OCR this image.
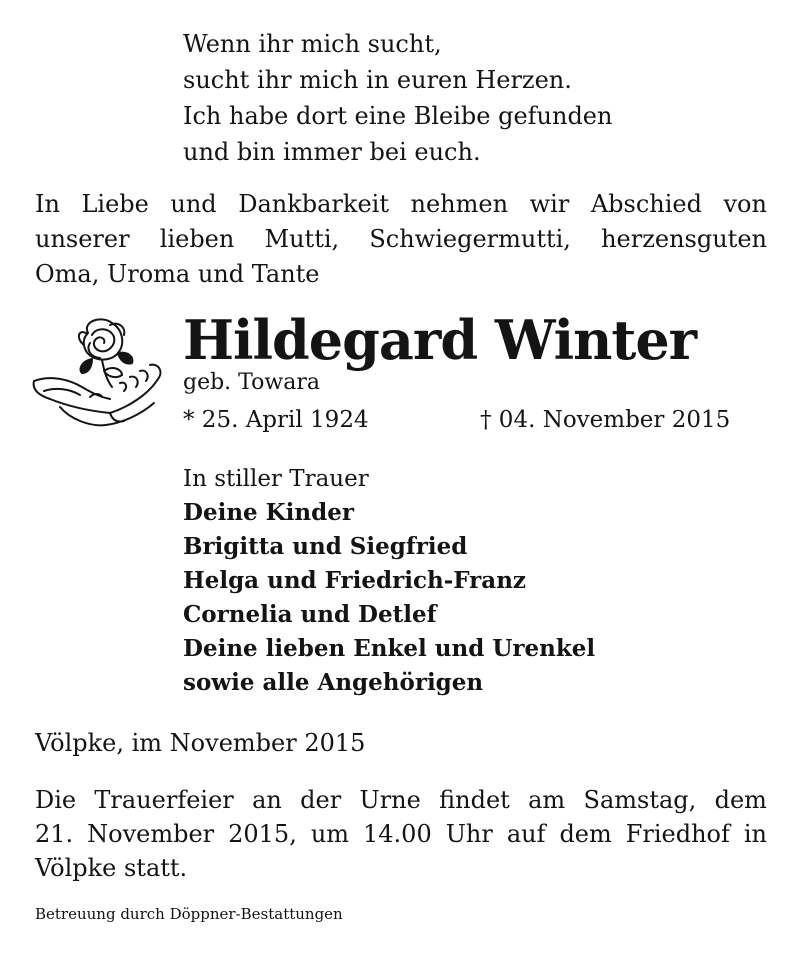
Wenn ihr mich sucht,
sucht ihr mich in euren Herzen.
Ich habe dort eine Bleibe gefunden
und bin immer bei euch.
In Liebe und Dankbarkeit nehmen wir Abschied von
unserer lieben Mutti, Schwiegermutti, herzensguten
Oma, Uroma und Tante
Hildegard Winter
geb. Towara
* 25. April 1924	† 04. November 2015
In stiller Trauer
Deine Kinder
Brigitta und Siegfried
Helga und Friedrich-Franz
Cornelia und Detlef
Deine lieben Enkel und Urenkel
sowie alle Angehörigen
Völpke, im November 2015
Die Trauerfeier an der Urne findet am Samstag, dem
21. November 2015, um 14.00 Uhr auf dem Friedhof in
Völpke statt.
Betreuung durch Döppner-Bestattungen
